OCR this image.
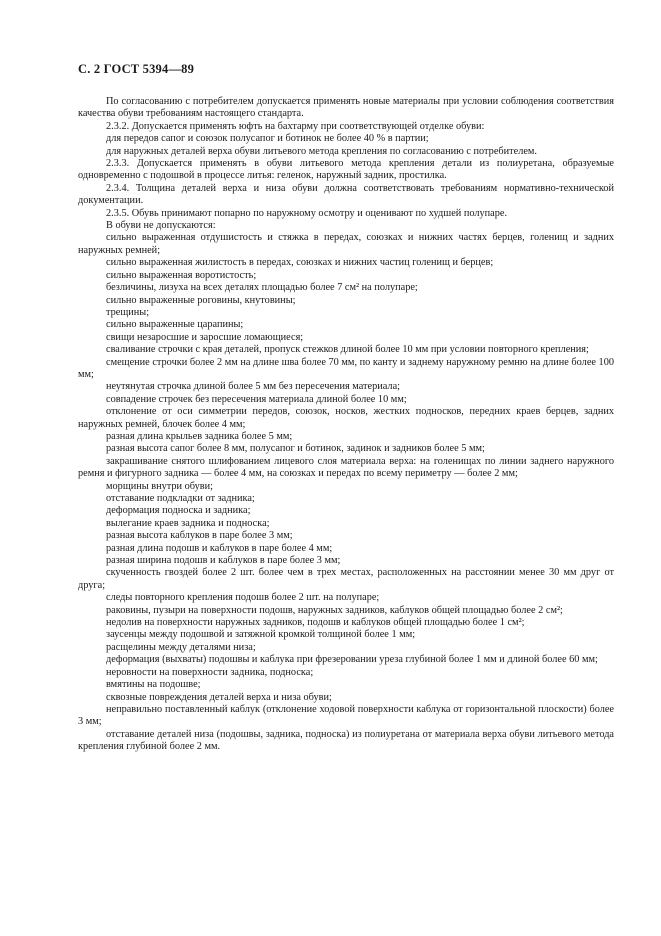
С. 2 ГОСТ 5394—89

По согласованию с потребителем допускается применять новые материалы при условии соблюдения соответствия качества обуви требованиям настоящего стандарта.

2.3.2. Допускается применять юфть на бахтарму при соответствующей отделке обуви:

для передов сапог и союзок полусапог и ботинок не более 40 % в партии;

для наружных деталей верха обуви литьевого метода крепления по согласованию с потребителем.

2.3.3. Допускается применять в обуви литьевого метода крепления детали из полиуретана, образуемые одновременно с подошвой в процессе литья: геленок, наружный задник, простилка.

2.3.4. Толщина деталей верха и низа обуви должна соответствовать требованиям нормативно-технической документации.

2.3.5. Обувь принимают попарно по наружному осмотру и оценивают по худшей полупаре.

В обуви не допускаются:

сильно выраженная отдушистость и стяжка в передах, союзках и нижних частях берцев, голенищ и задних наружных ремней;

сильно выраженная жилистость в передах, союзках и нижних частиц голенищ и берцев;

сильно выраженная воротистость;

безличины, лизуха на всех деталях площадью более 7 см² на полупаре;

сильно выраженные роговины, кнутовины;

трещины;

сильно выраженные царапины;

свищи незаросшие и заросшие ломающиеся;

сваливание строчки с края деталей, пропуск стежков длиной более 10 мм при условии повторного крепления;

смещение строчки более 2 мм на длине шва более 70 мм, по канту и заднему наружному ремню на длине более 100 мм;

неутянутая строчка длиной более 5 мм без пересечения материала;

совпадение строчек без пересечения материала длиной более 10 мм;

отклонение от оси симметрии передов, союзок, носков, жестких подносков, передних краев берцев, задних наружных ремней, блочек более 4 мм;

разная длина крыльев задника более 5 мм;

разная высота сапог более 8 мм, полусапог и ботинок, задинок и задников более 5 мм;

закрашивание снятого шлифованием лицевого слоя материала верха: на голенищах по линии заднего наружного ремня и фигурного задника — более 4 мм, на союзках и передах по всему периметру — более 2 мм;

морщины внутри обуви;

отставание подкладки от задника;

деформация подноска и задника;

вылегание краев задника и подноска;

разная высота каблуков в паре более 3 мм;

разная длина подошв и каблуков в паре более 4 мм;

разная ширина подошв и каблуков в паре более 3 мм;

скученность гвоздей более 2 шт. более чем в трех местах, расположенных на расстоянии менее 30 мм друг от друга;

следы повторного крепления подошв более 2 шт. на полупаре;

раковины, пузыри на поверхности подошв, наружных задников, каблуков общей площадью более 2 см²;

недолив на поверхности наружных задников, подошв и каблуков общей площадью более 1 см²;

заусенцы между подошвой и затяжной кромкой толщиной более 1 мм;

расщелины между деталями низа;

деформация (выхваты) подошвы и каблука при фрезеровании уреза глубиной более 1 мм и длиной более 60 мм;

неровности на поверхности задника, подноска;

вмятины на подошве;

сквозные повреждения деталей верха и низа обуви;

неправильно поставленный каблук (отклонение ходовой поверхности каблука от горизонтальной плоскости) более 3 мм;

отставание деталей низа (подошвы, задника, подноска) из полиуретана от материала верха обуви литьевого метода крепления глубиной более 2 мм.
